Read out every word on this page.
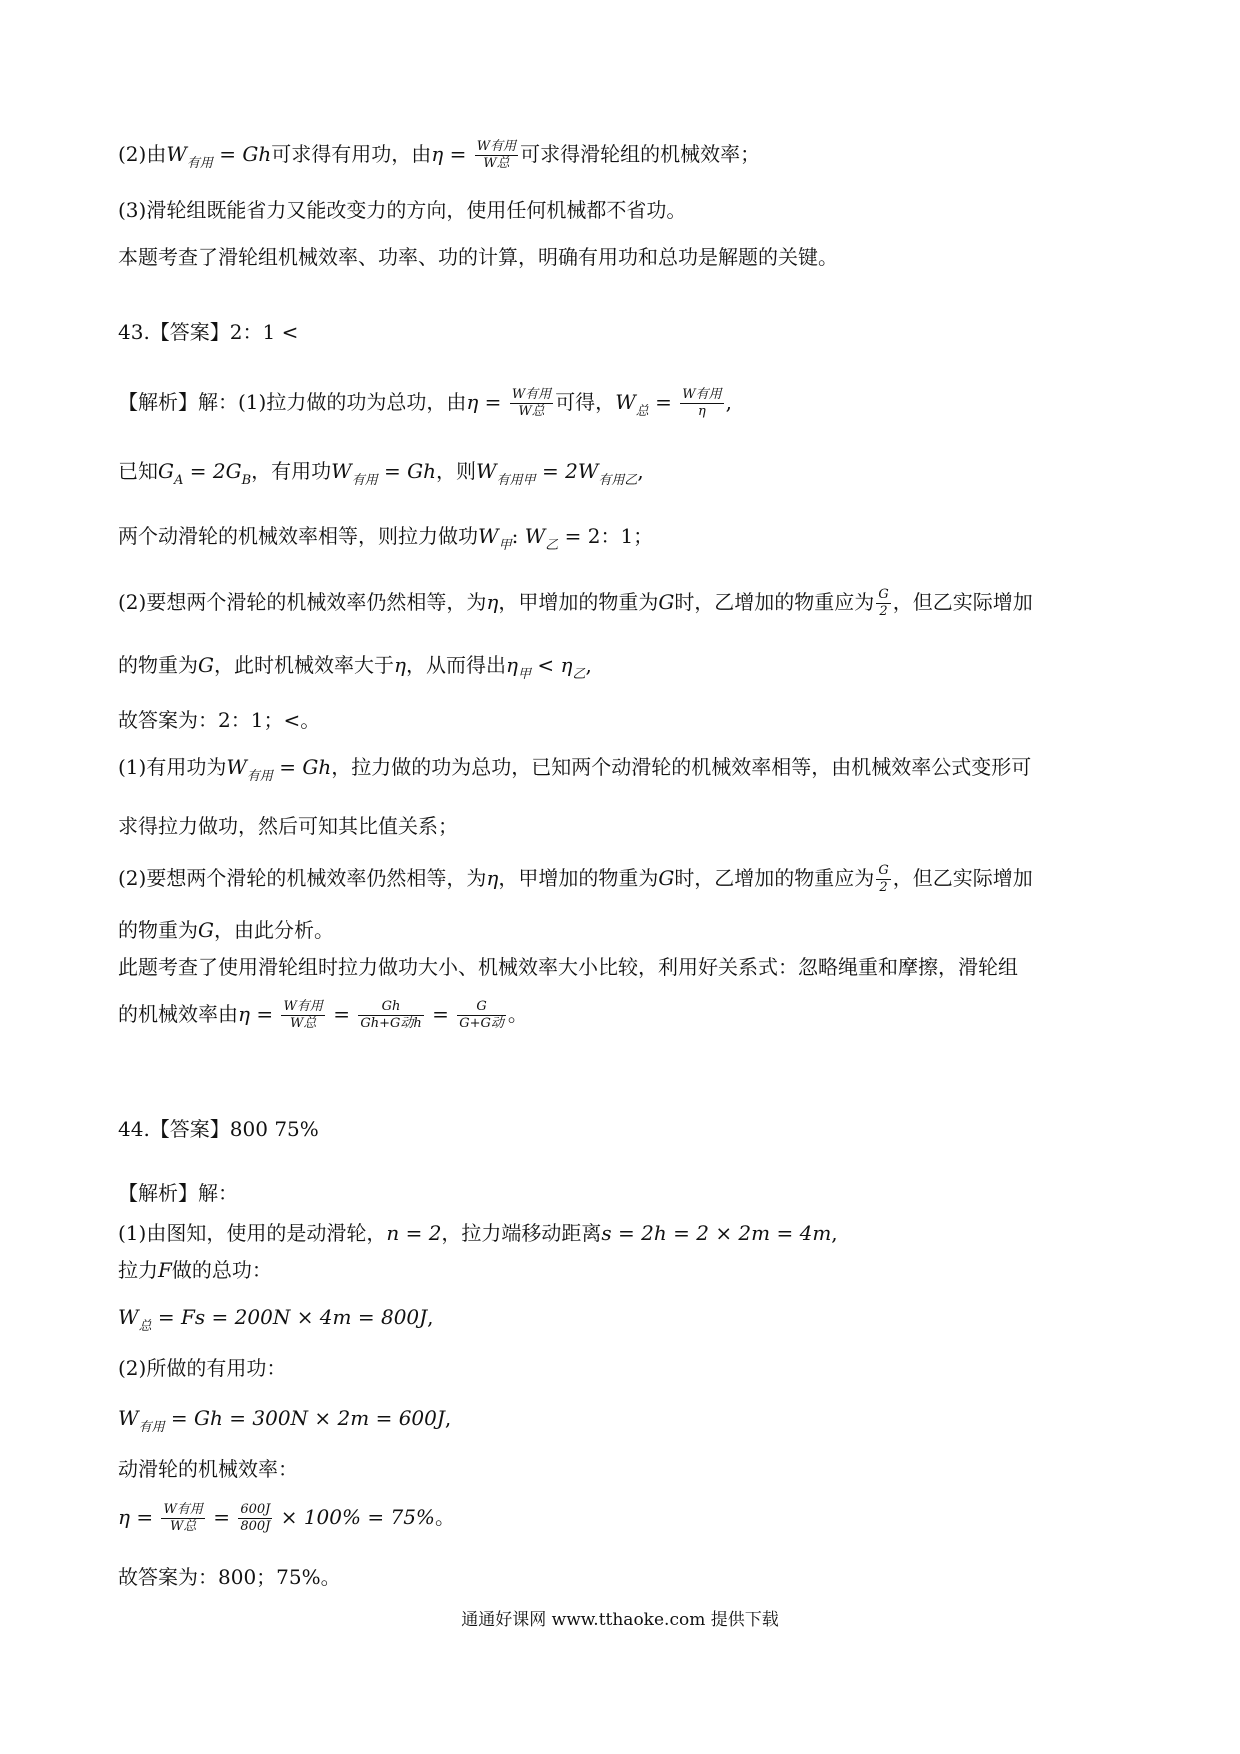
(2)由$W_{有用} = Gh$可求得有用功，由$\eta = \frac{\text{W有用}}{\text{W总}}$ 可求得滑轮组的机械效率；
(3)滑轮组既能省力又能改变力的方向，使用任何机械都不省功。
本题考查了滑轮组机械效率、功率、功的计算，明确有用功和总功是解题的关键。
43.【答案】2：1 <
【解析】解：(1)拉力做的功为总功，由$\eta = \frac{\text{W有用}}{\text{W总}}$ 可得，$W_总 = \frac{\text{W有用}}{\eta}$ ,
已知$G_A = 2G_B$，有用功$W_{有用} = Gh$，则$W_{有用甲} = 2W_{有用乙}$,
两个动滑轮的机械效率相等，则拉力做功$W_甲$: $W_乙 = 2$：1；
(2)要想两个滑轮的机械效率仍然相等，为η，甲增加的物重为G时，乙增加的物重应为 $\frac{G}{2}$ ，但乙实际增加
的物重为G，此时机械效率大于η，从而得出$\eta_甲 < \eta_乙$,
故答案为：2：1；<。
(1)有用功为$W_{有用} = Gh$，拉力做的功为总功，已知两个动滑轮的机械效率相等，由机械效率公式变形可
求得拉力做功，然后可知其比值关系；
(2)要想两个滑轮的机械效率仍然相等，为η，甲增加的物重为G时，乙增加的物重应为 $\frac{G}{2}$ ，但乙实际增加
的物重为G，由此分析。
此题考查了使用滑轮组时拉力做功大小、机械效率大小比较，利用好关系式：忽略绳重和摩擦，滑轮组
的机械效率由$\eta = \frac{\text{W有用}}{\text{W总}} = \frac{Gh}{\text{Gh+G动h}} = \frac{G}{\text{G+G动}}$ 。
44.【答案】800 75%
【解析】解：
(1)由图知，使用的是动滑轮，n = 2，拉力端移动距离s = 2h = 2 × 2m = 4m,
拉力F做的总功：
$W_总 = Fs = 200N \times 4m = 800J$,
(2)所做的有用功：
$W_{有用} = Gh = 300N \times 2m = 600J$,
动滑轮的机械效率：
$\eta = \frac{\text{W有用}}{\text{W总}} = \frac{600J}{800J} \times 100\% = 75\%$。
故答案为：800；75%。
通通好课网 www.tthaoke.com 提供下载
